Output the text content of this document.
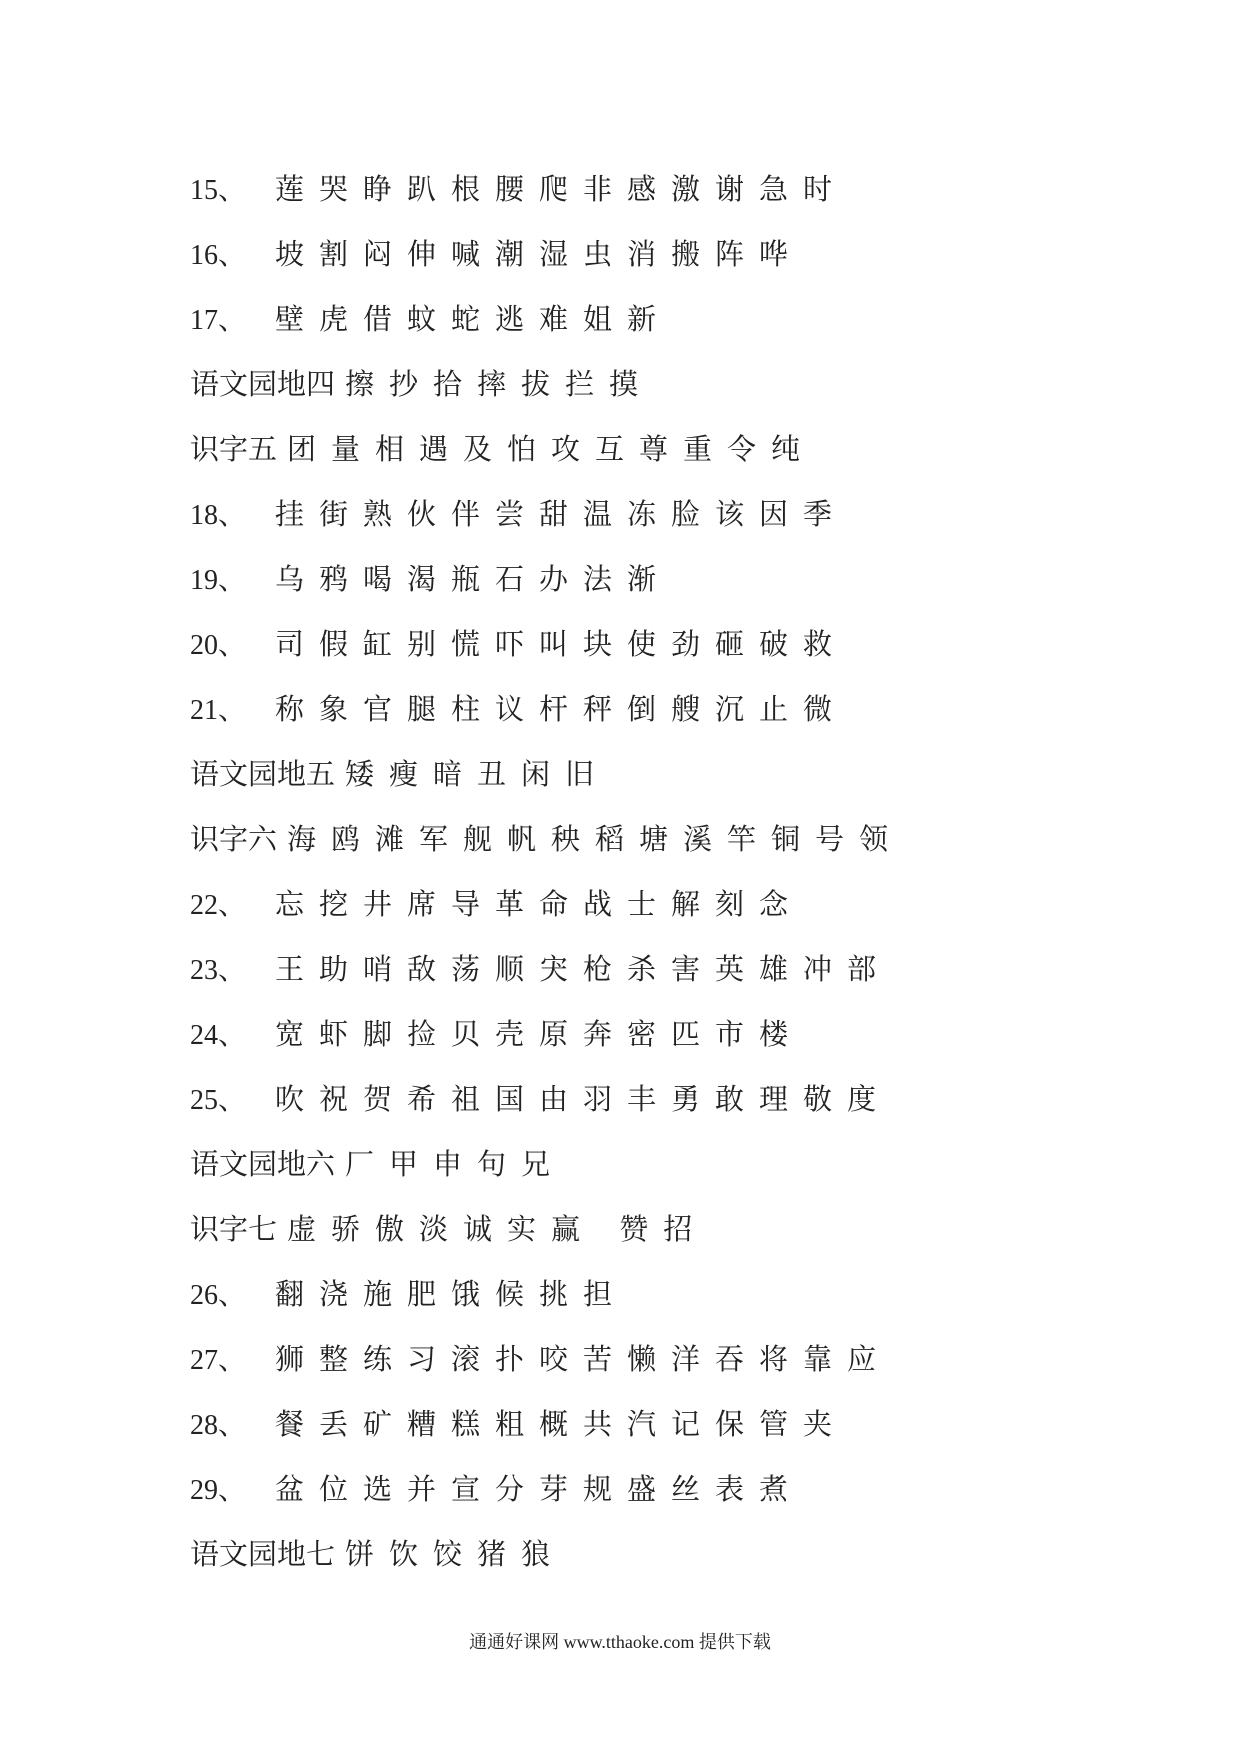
15、 莲哭睁趴根腰爬非感激谢急时
16、 坡割闷伸喊潮湿虫消搬阵哗
17、 壁虎借蚊蛇逃难姐新
语文园地四 擦抄拾摔拔拦摸
识字五 团量相遇及怕攻互尊重令纯
18、 挂街熟伙伴尝甜温冻脸该因季
19、 乌鸦喝渴瓶石办法渐
20、 司假缸别慌吓叫块使劲砸破救
21、 称象官腿柱议杆秤倒艘沉止微
语文园地五 矮瘦暗丑闲旧
识字六 海鸥滩军舰帆秧稻塘溪竿铜号领
22、 忘挖井席导革命战士解刻念
23、 王助哨敌荡顺宊枪杀害英雄冲部
24、 宽虾脚捡贝壳原奔密匹市楼
25、 吹祝贺希祖国由羽丰勇敢理敬度
语文园地六 厂甲申句兄
识字七 虚骄傲淡诚实赢 赞招
26、 翻浇施肥饿候挑担
27、 狮整练习滚扑咬苦懒洋吞将靠应
28、 餐丢矿糟糕粗概共汽记保管夹
29、 盆位选并宣分芽规盛丝表煮
语文园地七 饼饮饺猪狼
通通好课网 www.tthaoke.com 提供下载
